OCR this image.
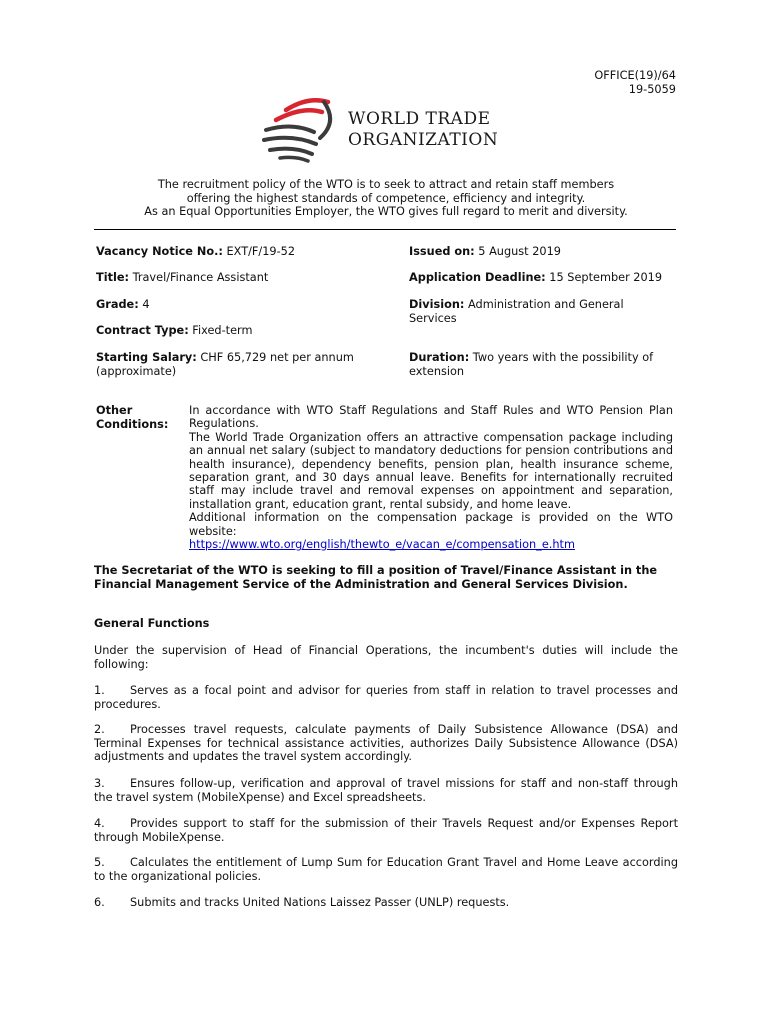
OFFICE(19)/64
19-5059
WORLD TRADE
ORGANIZATION
The recruitment policy of the WTO is to seek to attract and retain staff members
offering the highest standards of competence, efficiency and integrity.
As an Equal Opportunities Employer, the WTO gives full regard to merit and diversity.
Vacancy Notice No.: EXT/F/19-52	Issued on: 5 August 2019
Title: Travel/Finance Assistant	Application Deadline: 15 September 2019
Grade: 4	Division: Administration and General
Services
Contract Type: Fixed-term
Starting Salary: CHF 65,729 net per annum
(approximate)
Duration: Two years with the possibility of
extension
Other
Conditions:
In accordance with WTO Staff Regulations and Staff Rules and WTO Pension Plan Regulations.
The World Trade Organization offers an attractive compensation package including an annual net salary (subject to mandatory deductions for pension contributions and health insurance), dependency benefits, pension plan, health insurance scheme, separation grant, and 30 days annual leave. Benefits for internationally recruited staff may include travel and removal expenses on appointment and separation, installation grant, education grant, rental subsidy, and home leave.
Additional information on the compensation package is provided on the WTO website:
https://www.wto.org/english/thewto_e/vacan_e/compensation_e.htm
The Secretariat of the WTO is seeking to fill a position of Travel/Finance Assistant in the Financial Management Service of the Administration and General Services Division.
General Functions
Under the supervision of Head of Financial Operations, the incumbent's duties will include the following:
1. Serves as a focal point and advisor for queries from staff in relation to travel processes and procedures.
2. Processes travel requests, calculate payments of Daily Subsistence Allowance (DSA) and Terminal Expenses for technical assistance activities, authorizes Daily Subsistence Allowance (DSA) adjustments and updates the travel system accordingly.
3. Ensures follow-up, verification and approval of travel missions for staff and non-staff through the travel system (MobileXpense) and Excel spreadsheets.
4. Provides support to staff for the submission of their Travels Request and/or Expenses Report through MobileXpense.
5. Calculates the entitlement of Lump Sum for Education Grant Travel and Home Leave according to the organizational policies.
6. Submits and tracks United Nations Laissez Passer (UNLP) requests.
